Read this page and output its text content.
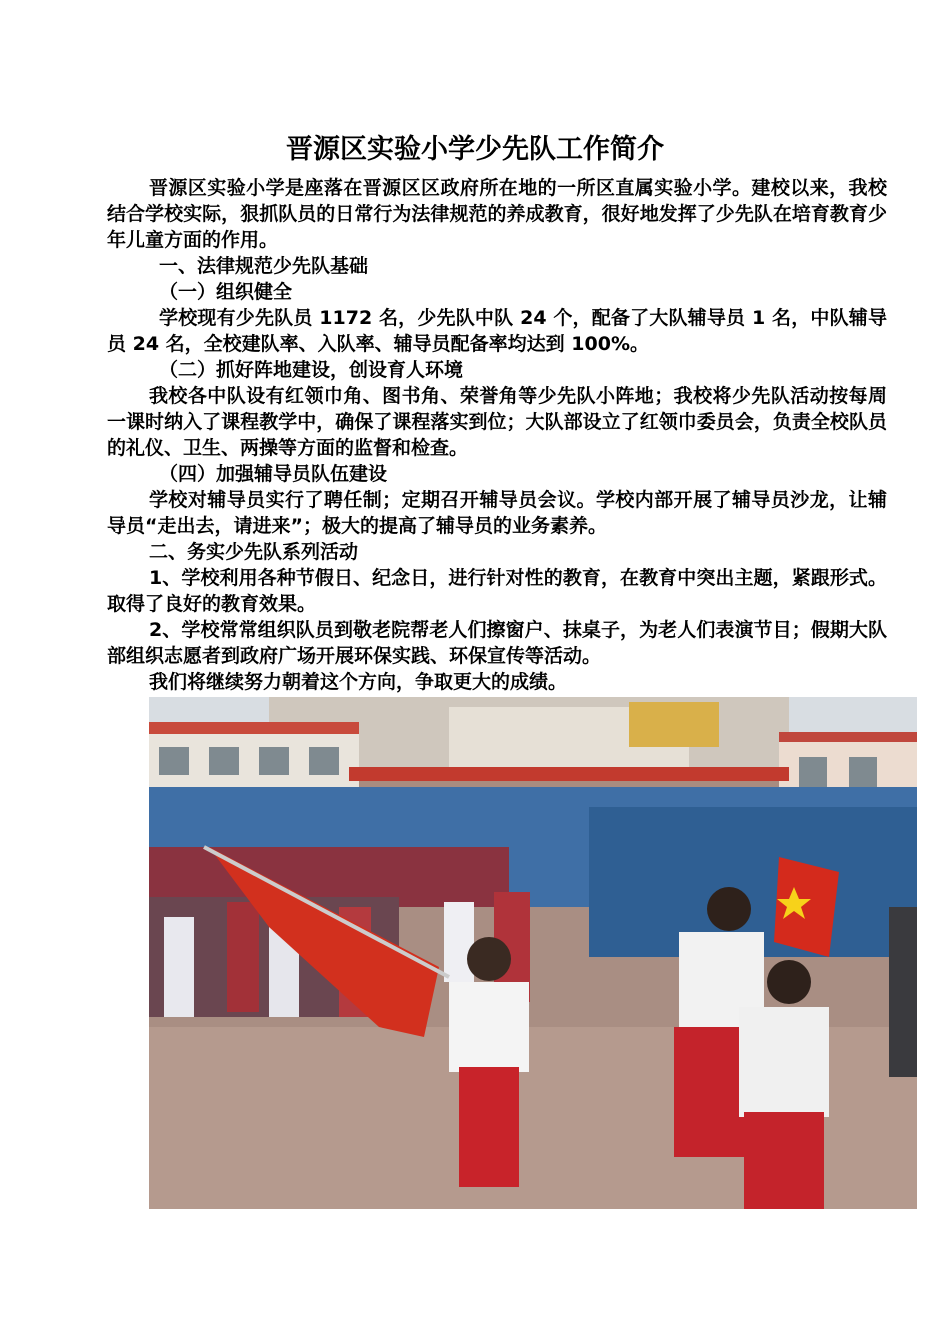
晋源区实验小学少先队工作简介

晋源区实验小学是座落在晋源区区政府所在地的一所区直属实验小学。建校以来，我校结合学校实际，狠抓队员的日常行为法律规范的养成教育，很好地发挥了少先队在培育教育少年儿童方面的作用。

一、法律规范少先队基础

（一）组织健全

学校现有少先队员 1172 名，少先队中队 24 个，配备了大队辅导员 1 名，中队辅导员 24 名，全校建队率、入队率、辅导员配备率均达到 100%。

（二）抓好阵地建设，创设育人环境

我校各中队设有红领巾角、图书角、荣誉角等少先队小阵地；我校将少先队活动按每周一课时纳入了课程教学中，确保了课程落实到位；大队部设立了红领巾委员会，负责全校队员的礼仪、卫生、两操等方面的监督和检查。

（四）加强辅导员队伍建设

学校对辅导员实行了聘任制；定期召开辅导员会议。学校内部开展了辅导员沙龙，让辅导员“走出去，请进来”；极大的提高了辅导员的业务素养。

二、务实少先队系列活动

1、学校利用各种节假日、纪念日，进行针对性的教育，在教育中突出主题，紧跟形式。取得了良好的教育效果。

2、学校常常组织队员到敬老院帮老人们擦窗户、抹桌子，为老人们表演节目；假期大队部组织志愿者到政府广场开展环保实践、环保宣传等活动。

我们将继续努力朝着这个方向，争取更大的成绩。
